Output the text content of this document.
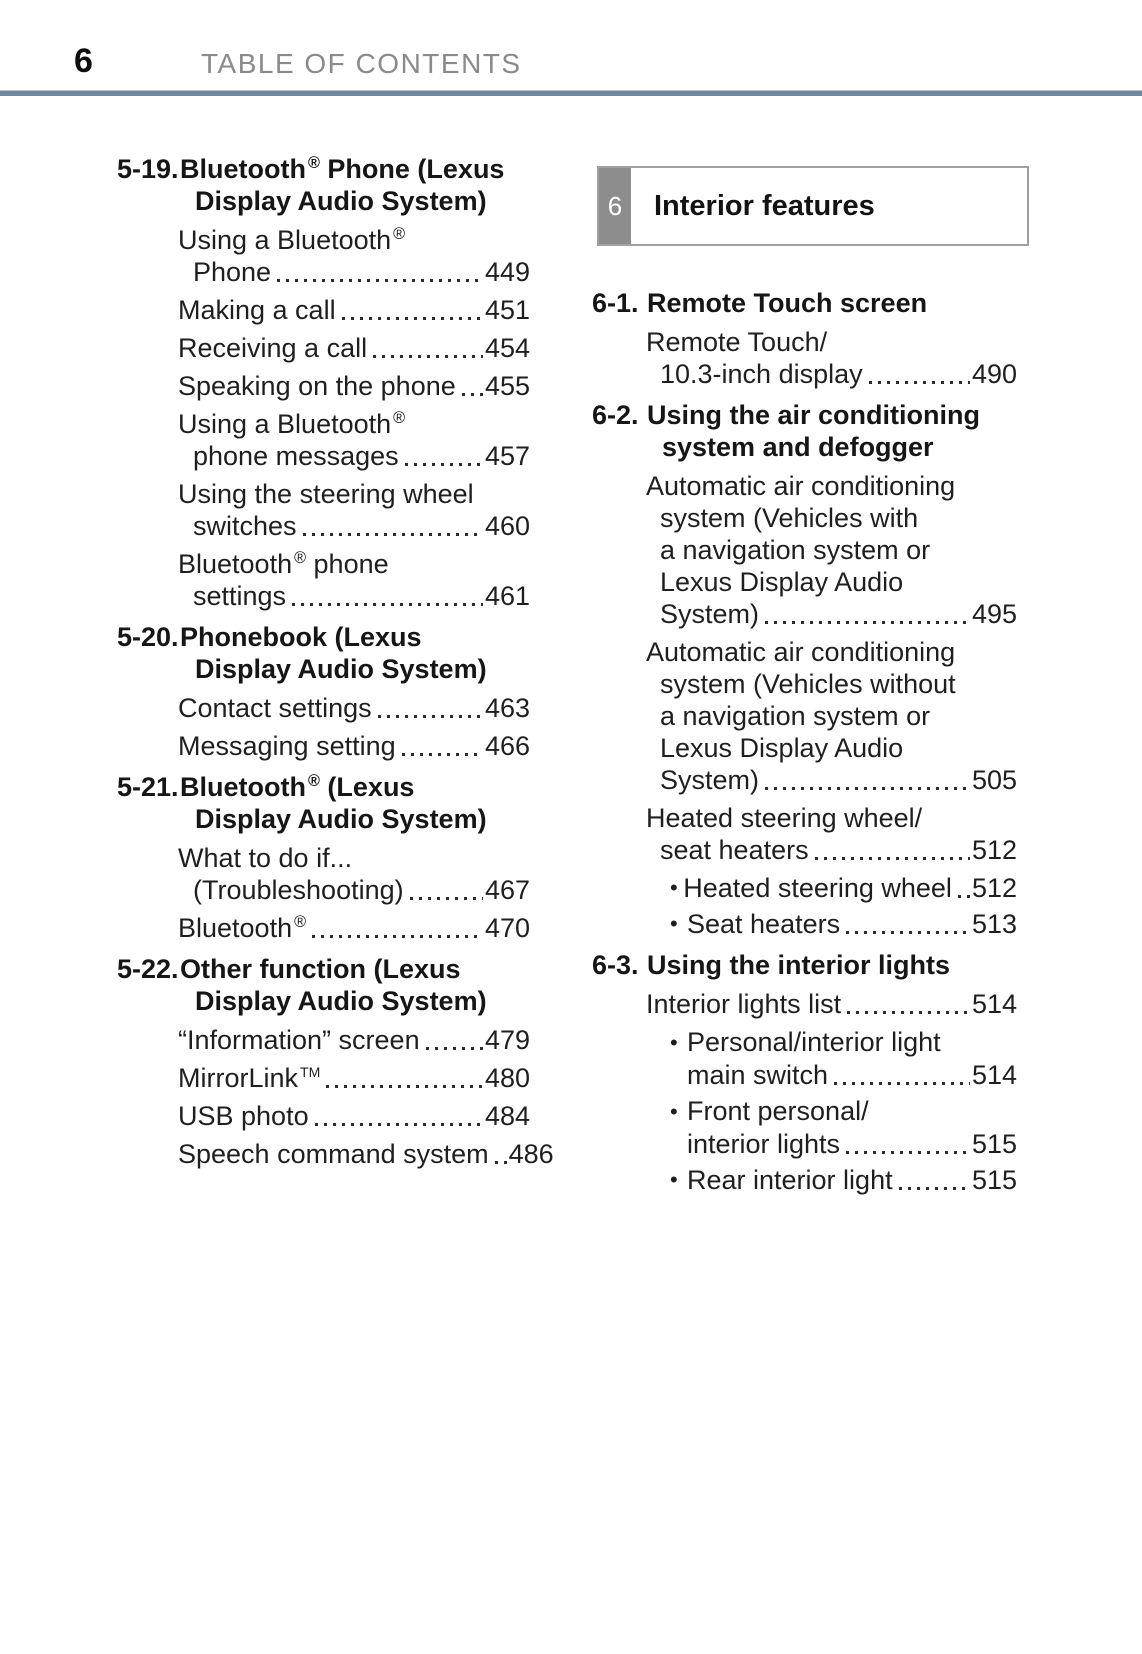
6	TABLE OF CONTENTS
5-19. Bluetooth ® Phone (Lexus
Display Audio System)
Using a Bluetooth ®
Phone	449
Making a call	451
Receiving a call	454
Speaking on the phone 455
Using a Bluetooth ®
phone messages	457
Using the steering wheel
switches	460
Bluetooth ® phone
settings	461
5-20. Phonebook (Lexus
Display Audio System)
Contact settings	463
Messaging setting	466
5-21. Bluetooth ® (Lexus
Display Audio System)
What to do if...
(Troubleshooting)	467
Bluetooth ®	470
5-22. Other function (Lexus
Display Audio System)
“Information” screen 479
MirrorLink ™	480
USB photo	484
Speech command system 486
6	Interior features
6-1. Remote Touch screen
Remote Touch/
10.3-inch display	490
6-2. Using the air conditioning
system and defogger
Automatic air conditioning
system (Vehicles with
a navigation system or
Lexus Display Audio
System)	495
Automatic air conditioning
system (Vehicles without
a navigation system or
Lexus Display Audio
System)	505
Heated steering wheel/
seat heaters	512
• Heated steering wheel 512
• Seat heaters	513
6-3. Using the interior lights
Interior lights list	514
• Personal/interior light
main switch	514
• Front personal/
interior lights	515
• Rear interior light	515
